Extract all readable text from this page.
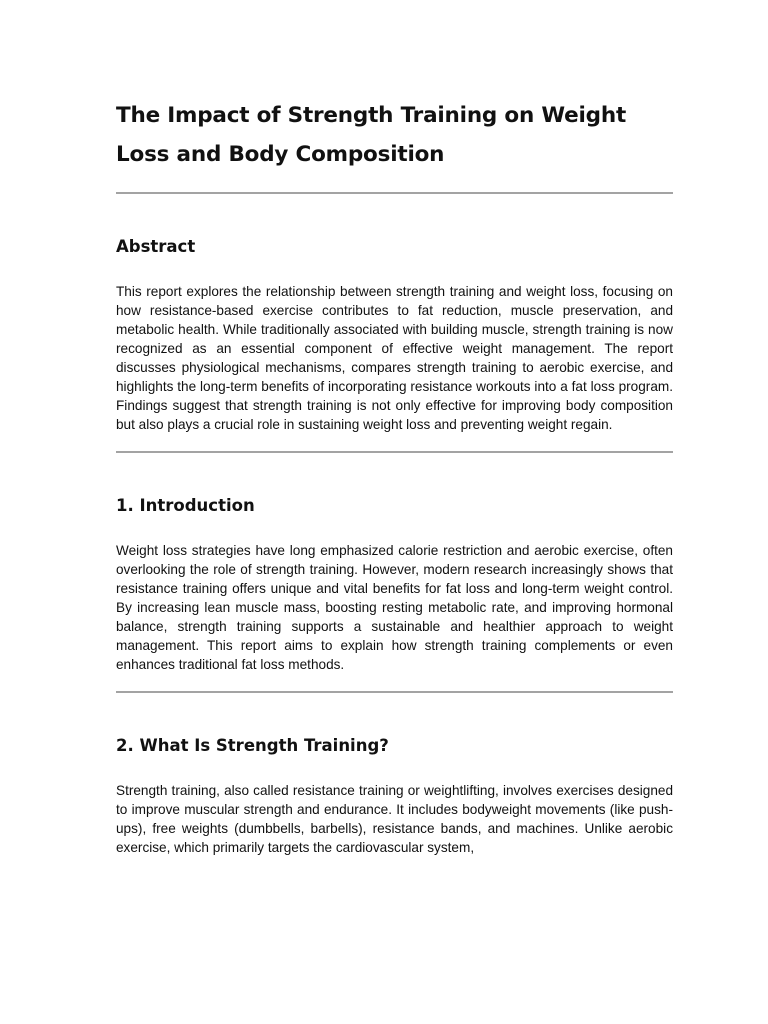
The Impact of Strength Training on Weight Loss and Body Composition
Abstract

This report explores the relationship between strength training and weight loss, focusing on how resistance-based exercise contributes to fat reduction, muscle preservation, and metabolic health. While traditionally associated with building muscle, strength training is now recognized as an essential component of effective weight management. The report discusses physiological mechanisms, compares strength training to aerobic exercise, and highlights the long-term benefits of incorporating resistance workouts into a fat loss program. Findings suggest that strength training is not only effective for improving body composition but also plays a crucial role in sustaining weight loss and preventing weight regain.

1. Introduction

Weight loss strategies have long emphasized calorie restriction and aerobic exercise, often overlooking the role of strength training. However, modern research increasingly shows that resistance training offers unique and vital benefits for fat loss and long-term weight control. By increasing lean muscle mass, boosting resting metabolic rate, and improving hormonal balance, strength training supports a sustainable and healthier approach to weight management. This report aims to explain how strength training complements or even enhances traditional fat loss methods.

2. What Is Strength Training?

Strength training, also called resistance training or weightlifting, involves exercises designed to improve muscular strength and endurance. It includes bodyweight movements (like push-ups), free weights (dumbbells, barbells), resistance bands, and machines. Unlike aerobic exercise, which primarily targets the cardiovascular system,
